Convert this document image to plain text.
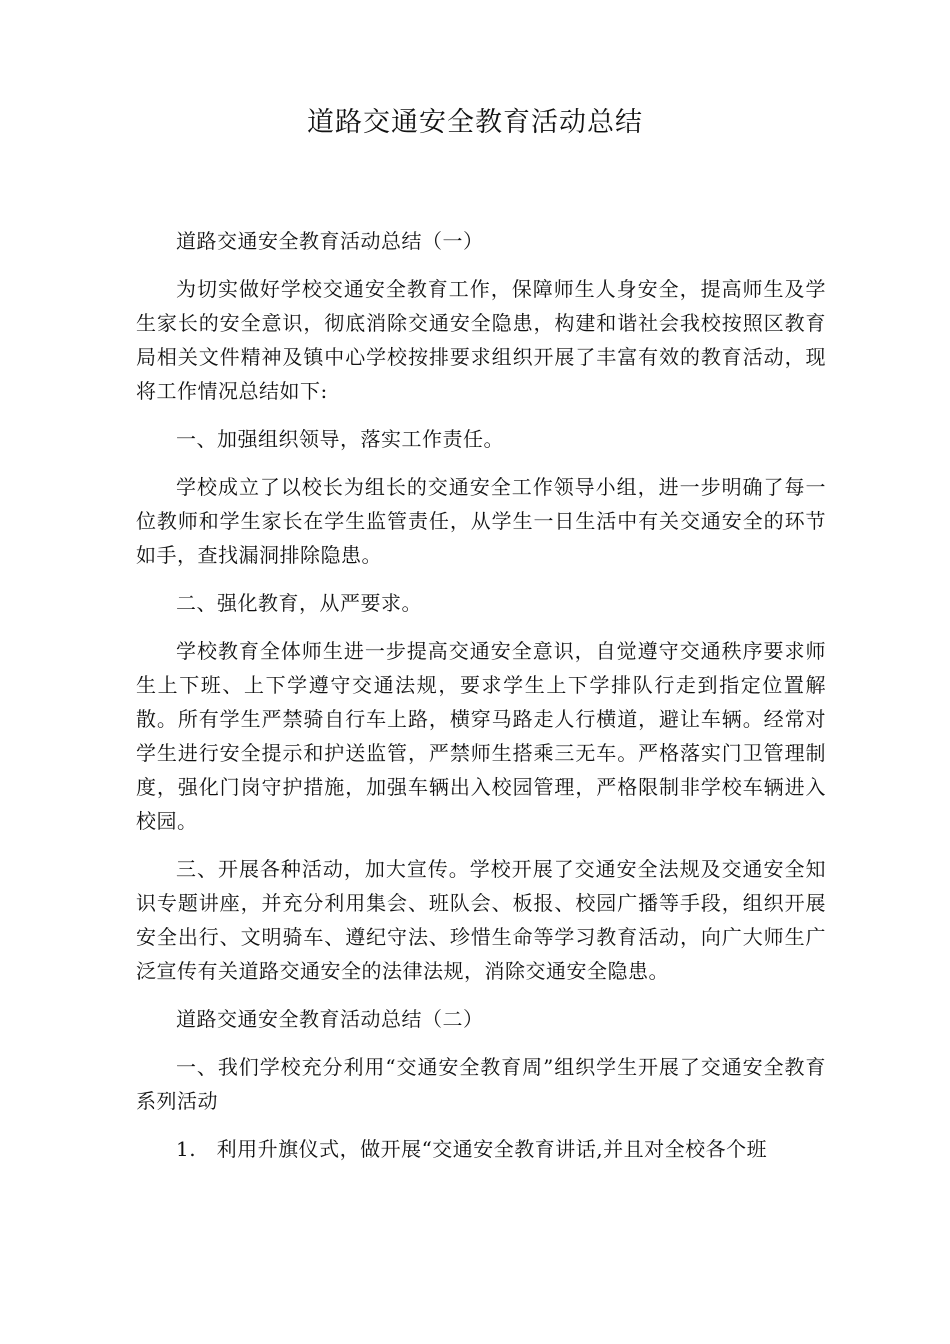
道路交通安全教育活动总结

道路交通安全教育活动总结（一）

为切实做好学校交通安全教育工作，保障师生人身安全，提高师生及学生家长的安全意识，彻底消除交通安全隐患，构建和谐社会我校按照区教育局相关文件精神及镇中心学校按排要求组织开展了丰富有效的教育活动，现将工作情况总结如下:

一、加强组织领导，落实工作责任。

学校成立了以校长为组长的交通安全工作领导小组，进一步明确了每一位教师和学生家长在学生监管责任，从学生一日生活中有关交通安全的环节如手，查找漏洞排除隐患。

二、强化教育，从严要求。

学校教育全体师生进一步提高交通安全意识，自觉遵守交通秩序要求师生上下班、上下学遵守交通法规，要求学生上下学排队行走到指定位置解散。所有学生严禁骑自行车上路，横穿马路走人行横道，避让车辆。经常对学生进行安全提示和护送监管，严禁师生搭乘三无车。严格落实门卫管理制度，强化门岗守护措施，加强车辆出入校园管理，严格限制非学校车辆进入校园。

三、开展各种活动，加大宣传。学校开展了交通安全法规及交通安全知识专题讲座，并充分利用集会、班队会、板报、校园广播等手段，组织开展安全出行、文明骑车、遵纪守法、珍惜生命等学习教育活动，向广大师生广泛宣传有关道路交通安全的法律法规，消除交通安全隐患。

道路交通安全教育活动总结（二）

一、我们学校充分利用“交通安全教育周”组织学生开展了交通安全教育系列活动

1.　利用升旗仪式，做开展“交通安全教育讲话,并且对全校各个班
